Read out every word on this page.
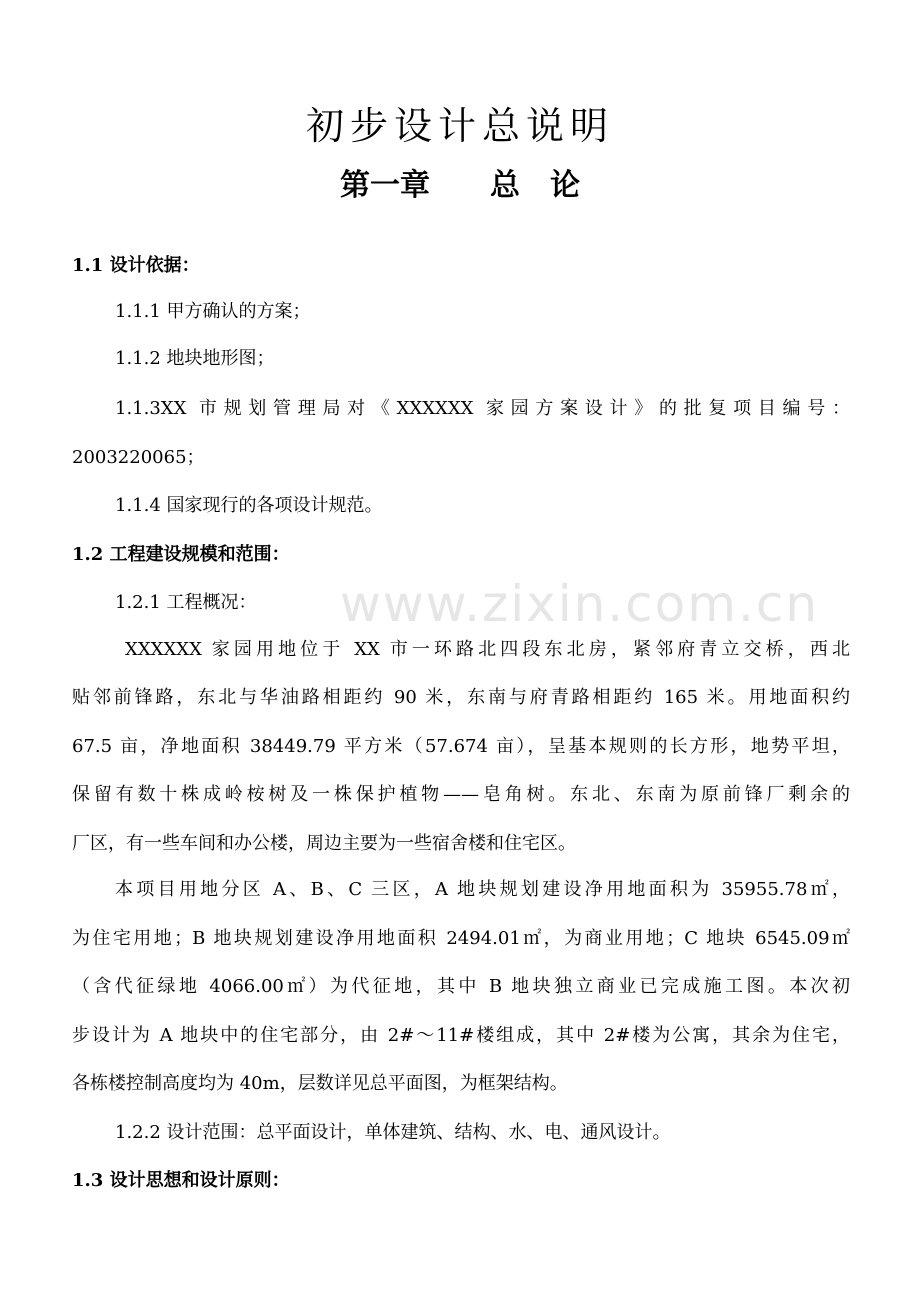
www.zixin.com.cn
初步设计总说明
第一章　　总　论
1.1 设计依据：
1.1.1 甲方确认的方案；
1.1.2 地块地形图；
1.1.3XX 市规划管理局对《XXXXXX 家园方案设计》的批复项目编号：
2003220065；
1.1.4 国家现行的各项设计规范。
1.2 工程建设规模和范围：
1.2.1 工程概况：
XXXXXX 家园用地位于 XX 市一环路北四段东北房，紧邻府青立交桥，西北
贴邻前锋路，东北与华油路相距约 90 米，东南与府青路相距约 165 米。用地面积约
67.5 亩，净地面积 38449.79 平方米（57.674 亩），呈基本规则的长方形，地势平坦，
保留有数十株成岭桉树及一株保护植物——皂角树。东北、东南为原前锋厂剩余的
厂区，有一些车间和办公楼，周边主要为一些宿舍楼和住宅区。
本项目用地分区 A、B、C 三区，A 地块规划建设净用地面积为 35955.78㎡，
为住宅用地；B 地块规划建设净用地面积 2494.01㎡，为商业用地；C 地块 6545.09㎡
（含代征绿地 4066.00㎡）为代征地，其中 B 地块独立商业已完成施工图。本次初
步设计为 A 地块中的住宅部分，由 2#～11#楼组成，其中 2#楼为公寓，其余为住宅，
各栋楼控制高度均为 40m，层数详见总平面图，为框架结构。
1.2.2 设计范围：总平面设计，单体建筑、结构、水、电、通风设计。
1.3 设计思想和设计原则：
